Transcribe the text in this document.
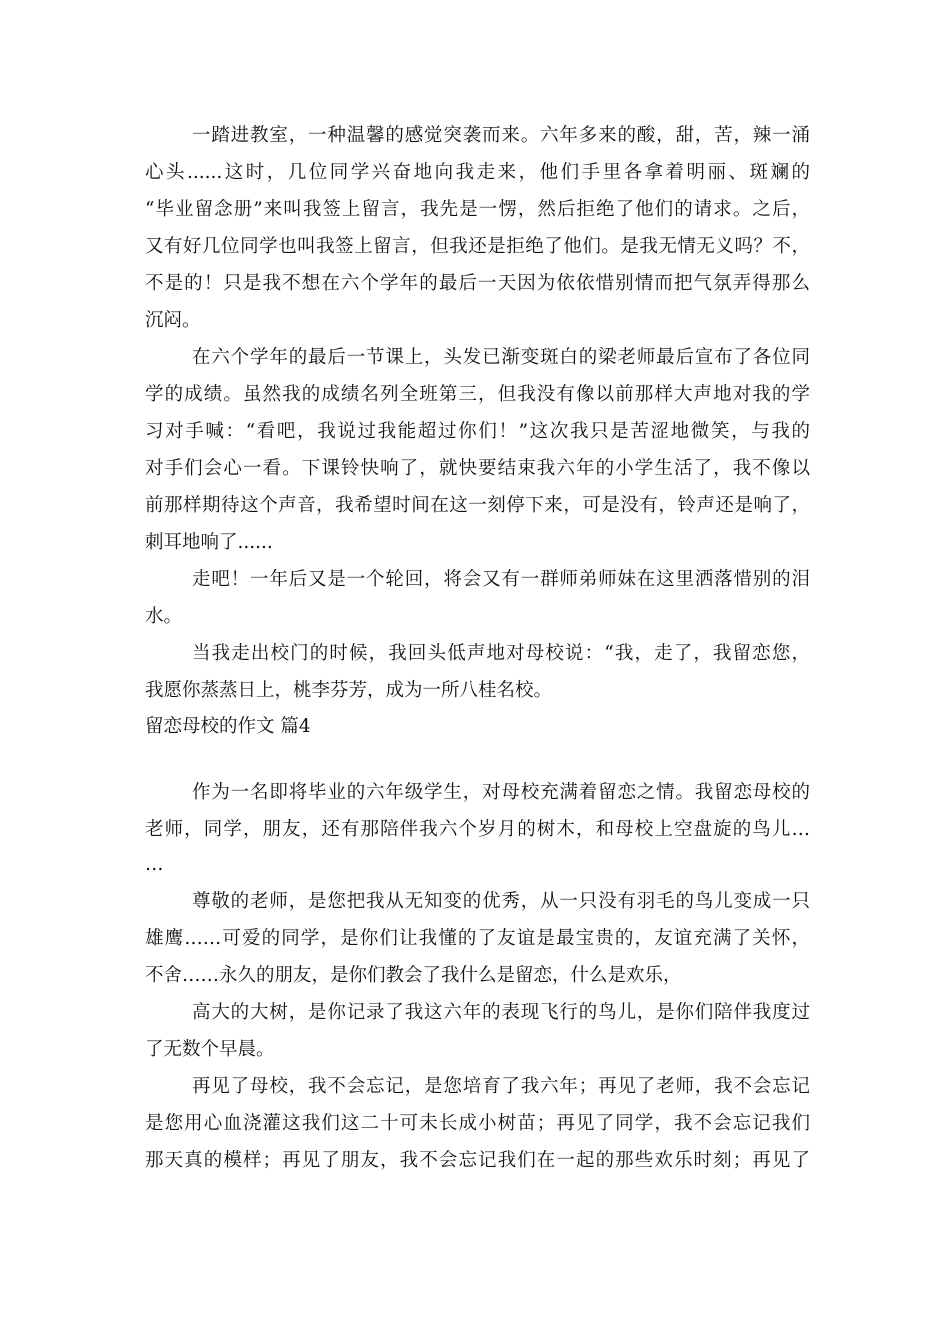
一踏进教室，一种温馨的感觉突袭而来。六年多来的酸，甜，苦，辣一涌
心头......这时，几位同学兴奋地向我走来，他们手里各拿着明丽、斑斓的
“毕业留念册”来叫我签上留言，我先是一愣，然后拒绝了他们的请求。之后，
又有好几位同学也叫我签上留言，但我还是拒绝了他们。是我无情无义吗？不，
不是的！只是我不想在六个学年的最后一天因为依依惜别情而把气氛弄得那么
沉闷。
在六个学年的最后一节课上，头发已渐变斑白的梁老师最后宣布了各位同
学的成绩。虽然我的成绩名列全班第三，但我没有像以前那样大声地对我的学
习对手喊：“看吧，我说过我能超过你们！”这次我只是苦涩地微笑，与我的
对手们会心一看。下课铃快响了，就快要结束我六年的小学生活了，我不像以
前那样期待这个声音，我希望时间在这一刻停下来，可是没有，铃声还是响了，
刺耳地响了......
走吧！一年后又是一个轮回，将会又有一群师弟师妹在这里洒落惜别的泪
水。
当我走出校门的时候，我回头低声地对母校说：“我，走了，我留恋您，
我愿你蒸蒸日上，桃李芬芳，成为一所八桂名校。
留恋母校的作文 篇4
作为一名即将毕业的六年级学生，对母校充满着留恋之情。我留恋母校的
老师，同学，朋友，还有那陪伴我六个岁月的树木，和母校上空盘旋的鸟儿…
…
尊敬的老师，是您把我从无知变的优秀，从一只没有羽毛的鸟儿变成一只
雄鹰……可爱的同学，是你们让我懂的了友谊是最宝贵的，友谊充满了关怀，
不舍……永久的朋友，是你们教会了我什么是留恋，什么是欢乐，
高大的大树，是你记录了我这六年的表现飞行的鸟儿，是你们陪伴我度过
了无数个早晨。
再见了母校，我不会忘记，是您培育了我六年；再见了老师，我不会忘记
是您用心血浇灌这我们这二十可未长成小树苗；再见了同学，我不会忘记我们
那天真的模样；再见了朋友，我不会忘记我们在一起的那些欢乐时刻；再见了
